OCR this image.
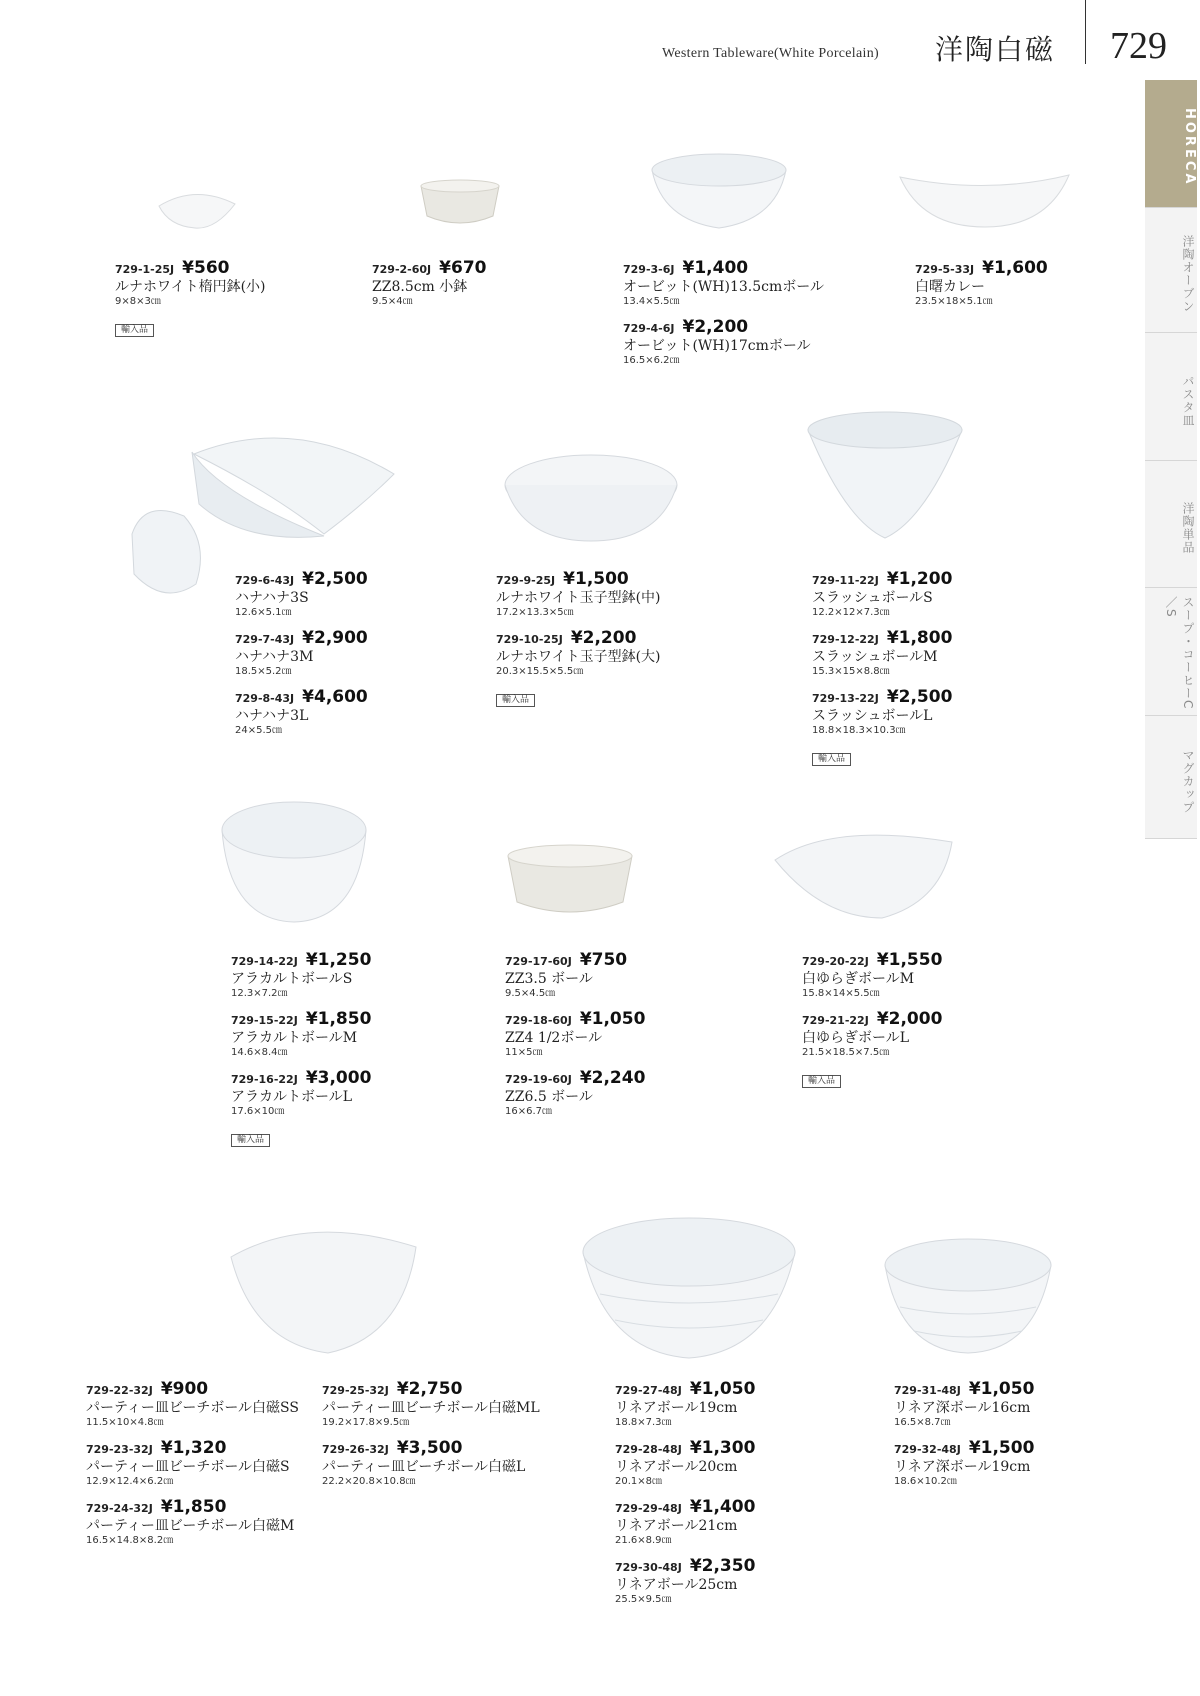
Western Tableware(White Porcelain) 洋陶白磁 729
HORECA
洋陶オーブン
パスタ皿
洋陶単品
スープ・コーヒーC／S
マグカップ
729-1-25J ¥560
ルナホワイト楕円鉢(小)
9×8×3㎝
輸入品
729-2-60J ¥670
ZZ8.5cm 小鉢
9.5×4㎝
729-3-6J ¥1,400
オービット(WH)13.5cmボール
13.4×5.5㎝
729-4-6J ¥2,200
オービット(WH)17cmボール
16.5×6.2㎝
729-5-33J ¥1,600
白曙カレー
23.5×18×5.1㎝
729-6-43J ¥2,500
ハナハナ3S
12.6×5.1㎝
729-7-43J ¥2,900
ハナハナ3M
18.5×5.2㎝
729-8-43J ¥4,600
ハナハナ3L
24×5.5㎝
729-9-25J ¥1,500
ルナホワイト玉子型鉢(中)
17.2×13.3×5㎝
729-10-25J ¥2,200
ルナホワイト玉子型鉢(大)
20.3×15.5×5.5㎝
輸入品
729-11-22J ¥1,200
スラッシュボールS
12.2×12×7.3㎝
729-12-22J ¥1,800
スラッシュボールM
15.3×15×8.8㎝
729-13-22J ¥2,500
スラッシュボールL
18.8×18.3×10.3㎝
輸入品
729-14-22J ¥1,250
アラカルトボールS
12.3×7.2㎝
729-15-22J ¥1,850
アラカルトボールM
14.6×8.4㎝
729-16-22J ¥3,000
アラカルトボールL
17.6×10㎝
輸入品
729-17-60J ¥750
ZZ3.5 ボール
9.5×4.5㎝
729-18-60J ¥1,050
ZZ4 1/2ボール
11×5㎝
729-19-60J ¥2,240
ZZ6.5 ボール
16×6.7㎝
729-20-22J ¥1,550
白ゆらぎボールM
15.8×14×5.5㎝
729-21-22J ¥2,000
白ゆらぎボールL
21.5×18.5×7.5㎝
輸入品
729-22-32J ¥900
パーティー皿ビーチボール白磁SS
11.5×10×4.8㎝
729-23-32J ¥1,320
パーティー皿ビーチボール白磁S
12.9×12.4×6.2㎝
729-24-32J ¥1,850
パーティー皿ビーチボール白磁M
16.5×14.8×8.2㎝
729-25-32J ¥2,750
パーティー皿ビーチボール白磁ML
19.2×17.8×9.5㎝
729-26-32J ¥3,500
パーティー皿ビーチボール白磁L
22.2×20.8×10.8㎝
729-27-48J ¥1,050
リネアボール19cm
18.8×7.3㎝
729-28-48J ¥1,300
リネアボール20cm
20.1×8㎝
729-29-48J ¥1,400
リネアボール21cm
21.6×8.9㎝
729-30-48J ¥2,350
リネアボール25cm
25.5×9.5㎝
729-31-48J ¥1,050
リネア深ボール16cm
16.5×8.7㎝
729-32-48J ¥1,500
リネア深ボール19cm
18.6×10.2㎝
